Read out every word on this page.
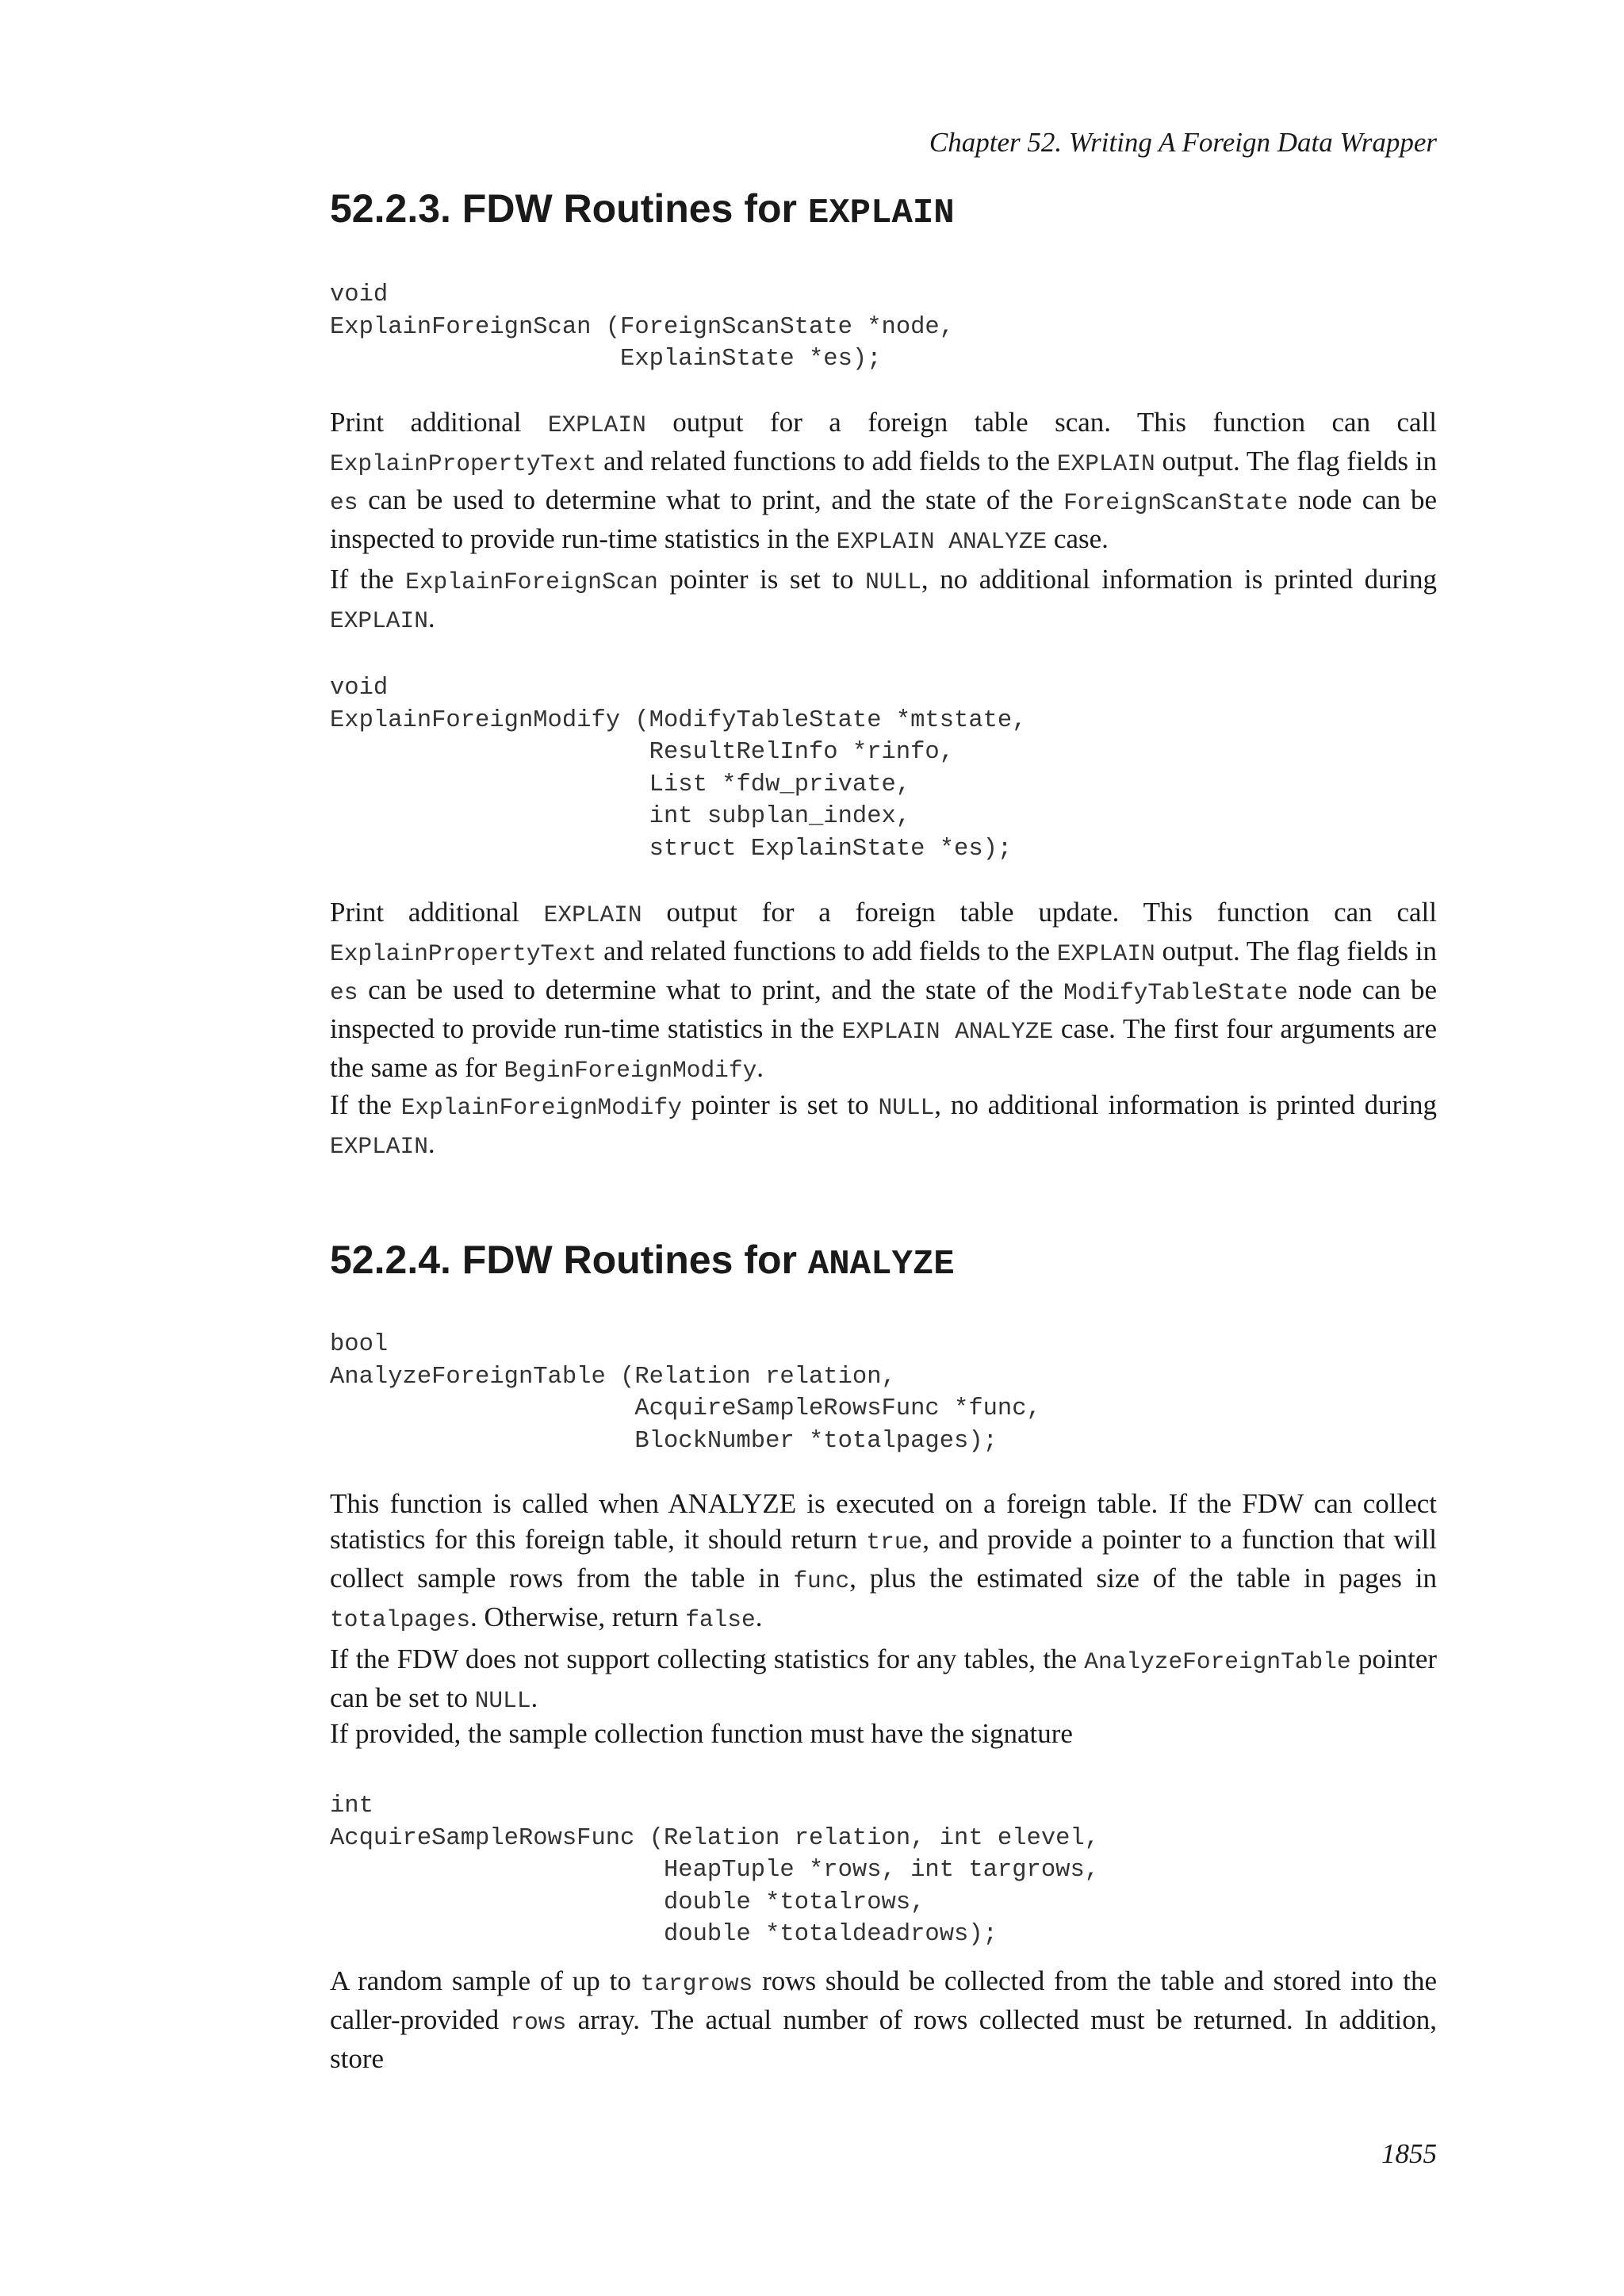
Chapter 52. Writing A Foreign Data Wrapper
52.2.3. FDW Routines for EXPLAIN
void
ExplainForeignScan (ForeignScanState *node,
ExplainState *es);

Print additional EXPLAIN output for a foreign table scan. This function can call ExplainPropertyText and related functions to add fields to the EXPLAIN output. The flag fields in es can be used to determine what to print, and the state of the ForeignScanState node can be inspected to provide run-time statistics in the EXPLAIN ANALYZE case.

If the ExplainForeignScan pointer is set to NULL, no additional information is printed during EXPLAIN.

void
ExplainForeignModify (ModifyTableState *mtstate,
ResultRelInfo *rinfo,
List *fdw_private,
int subplan_index,
struct ExplainState *es);

Print additional EXPLAIN output for a foreign table update. This function can call ExplainPropertyText and related functions to add fields to the EXPLAIN output. The flag fields in es can be used to determine what to print, and the state of the ModifyTableState node can be inspected to provide run-time statistics in the EXPLAIN ANALYZE case. The first four arguments are the same as for BeginForeignModify.

If the ExplainForeignModify pointer is set to NULL, no additional information is printed during EXPLAIN.

52.2.4. FDW Routines for ANALYZE
bool
AnalyzeForeignTable (Relation relation,
AcquireSampleRowsFunc *func,
BlockNumber *totalpages);

This function is called when ANALYZE is executed on a foreign table. If the FDW can collect statistics for this foreign table, it should return true, and provide a pointer to a function that will collect sample rows from the table in func, plus the estimated size of the table in pages in totalpages. Otherwise, return false.

If the FDW does not support collecting statistics for any tables, the AnalyzeForeignTable pointer can be set to NULL.

If provided, the sample collection function must have the signature

int
AcquireSampleRowsFunc (Relation relation, int elevel,
HeapTuple *rows, int targrows,
double *totalrows,
double *totaldeadrows);

A random sample of up to targrows rows should be collected from the table and stored into the caller-provided rows array. The actual number of rows collected must be returned. In addition, store

1855
